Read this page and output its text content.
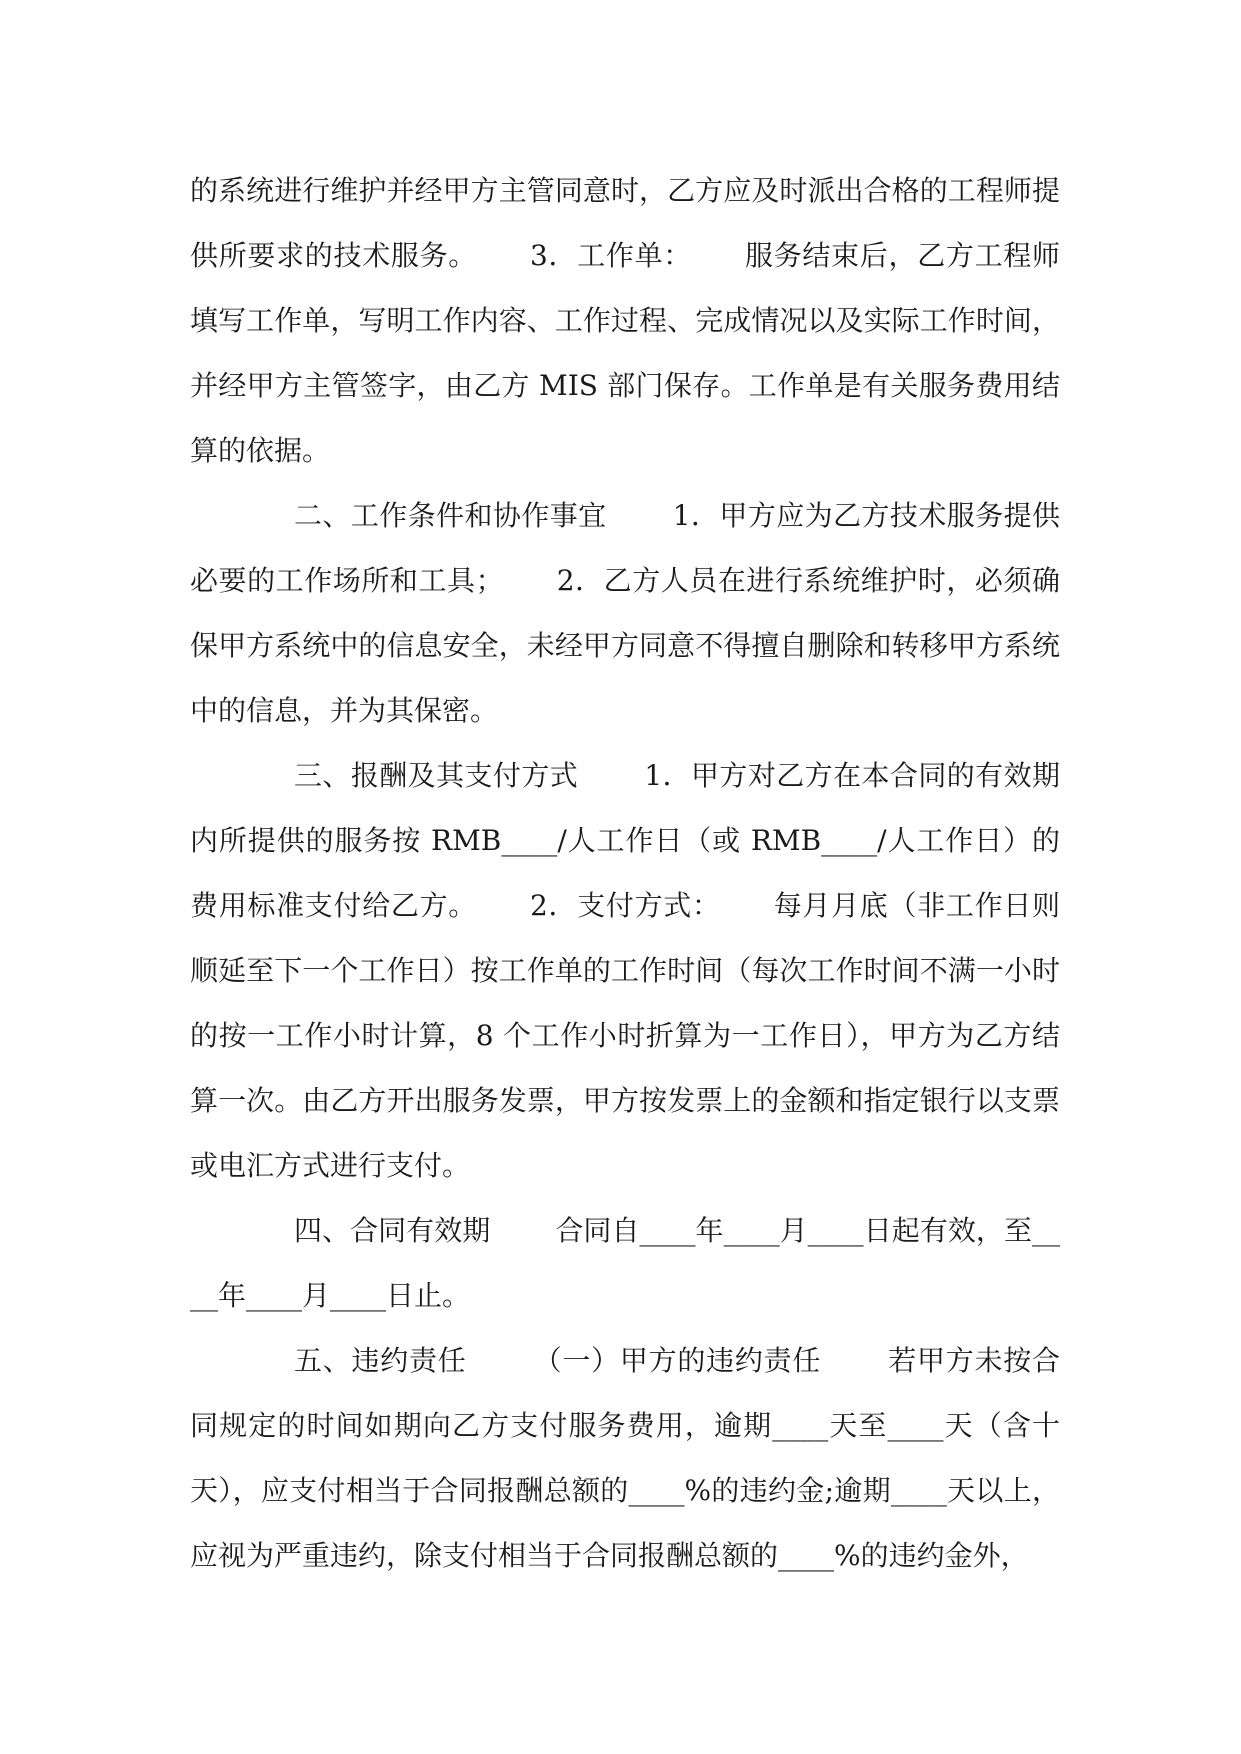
的系统进行维护并经甲方主管同意时，乙方应及时派出合格的工程师提供所要求的技术服务。　　 3．工作单：　　 服务结束后，乙方工程师填写工作单，写明工作内容、工作过程、完成情况以及实际工作时间，并经甲方主管签字，由乙方 MIS 部门保存。工作单是有关服务费用结算的依据。

二、工作条件和协作事宜　　 1．甲方应为乙方技术服务提供必要的工作场所和工具；　　 2．乙方人员在进行系统维护时，必须确保甲方系统中的信息安全，未经甲方同意不得擅自删除和转移甲方系统中的信息，并为其保密。

三、报酬及其支付方式　　 1．甲方对乙方在本合同的有效期内所提供的服务按 RMB____/人工作日（或 RMB____/人工作日）的费用标准支付给乙方。　　 2．支付方式：　　 每月月底（非工作日则顺延至下一个工作日）按工作单的工作时间（每次工作时间不满一小时的按一工作小时计算，8 个工作小时折算为一工作日），甲方为乙方结算一次。由乙方开出服务发票，甲方按发票上的金额和指定银行以支票或电汇方式进行支付。

四、合同有效期　　 合同自____年____月____日起有效，至____年____月____日止。

五、违约责任　　 （一）甲方的违约责任　　 若甲方未按合同规定的时间如期向乙方支付服务费用，逾期____天至____天（含十天），应支付相当于合同报酬总额的____%的违约金;逾期____天以上，应视为严重违约，除支付相当于合同报酬总额的____%的违约金外，
